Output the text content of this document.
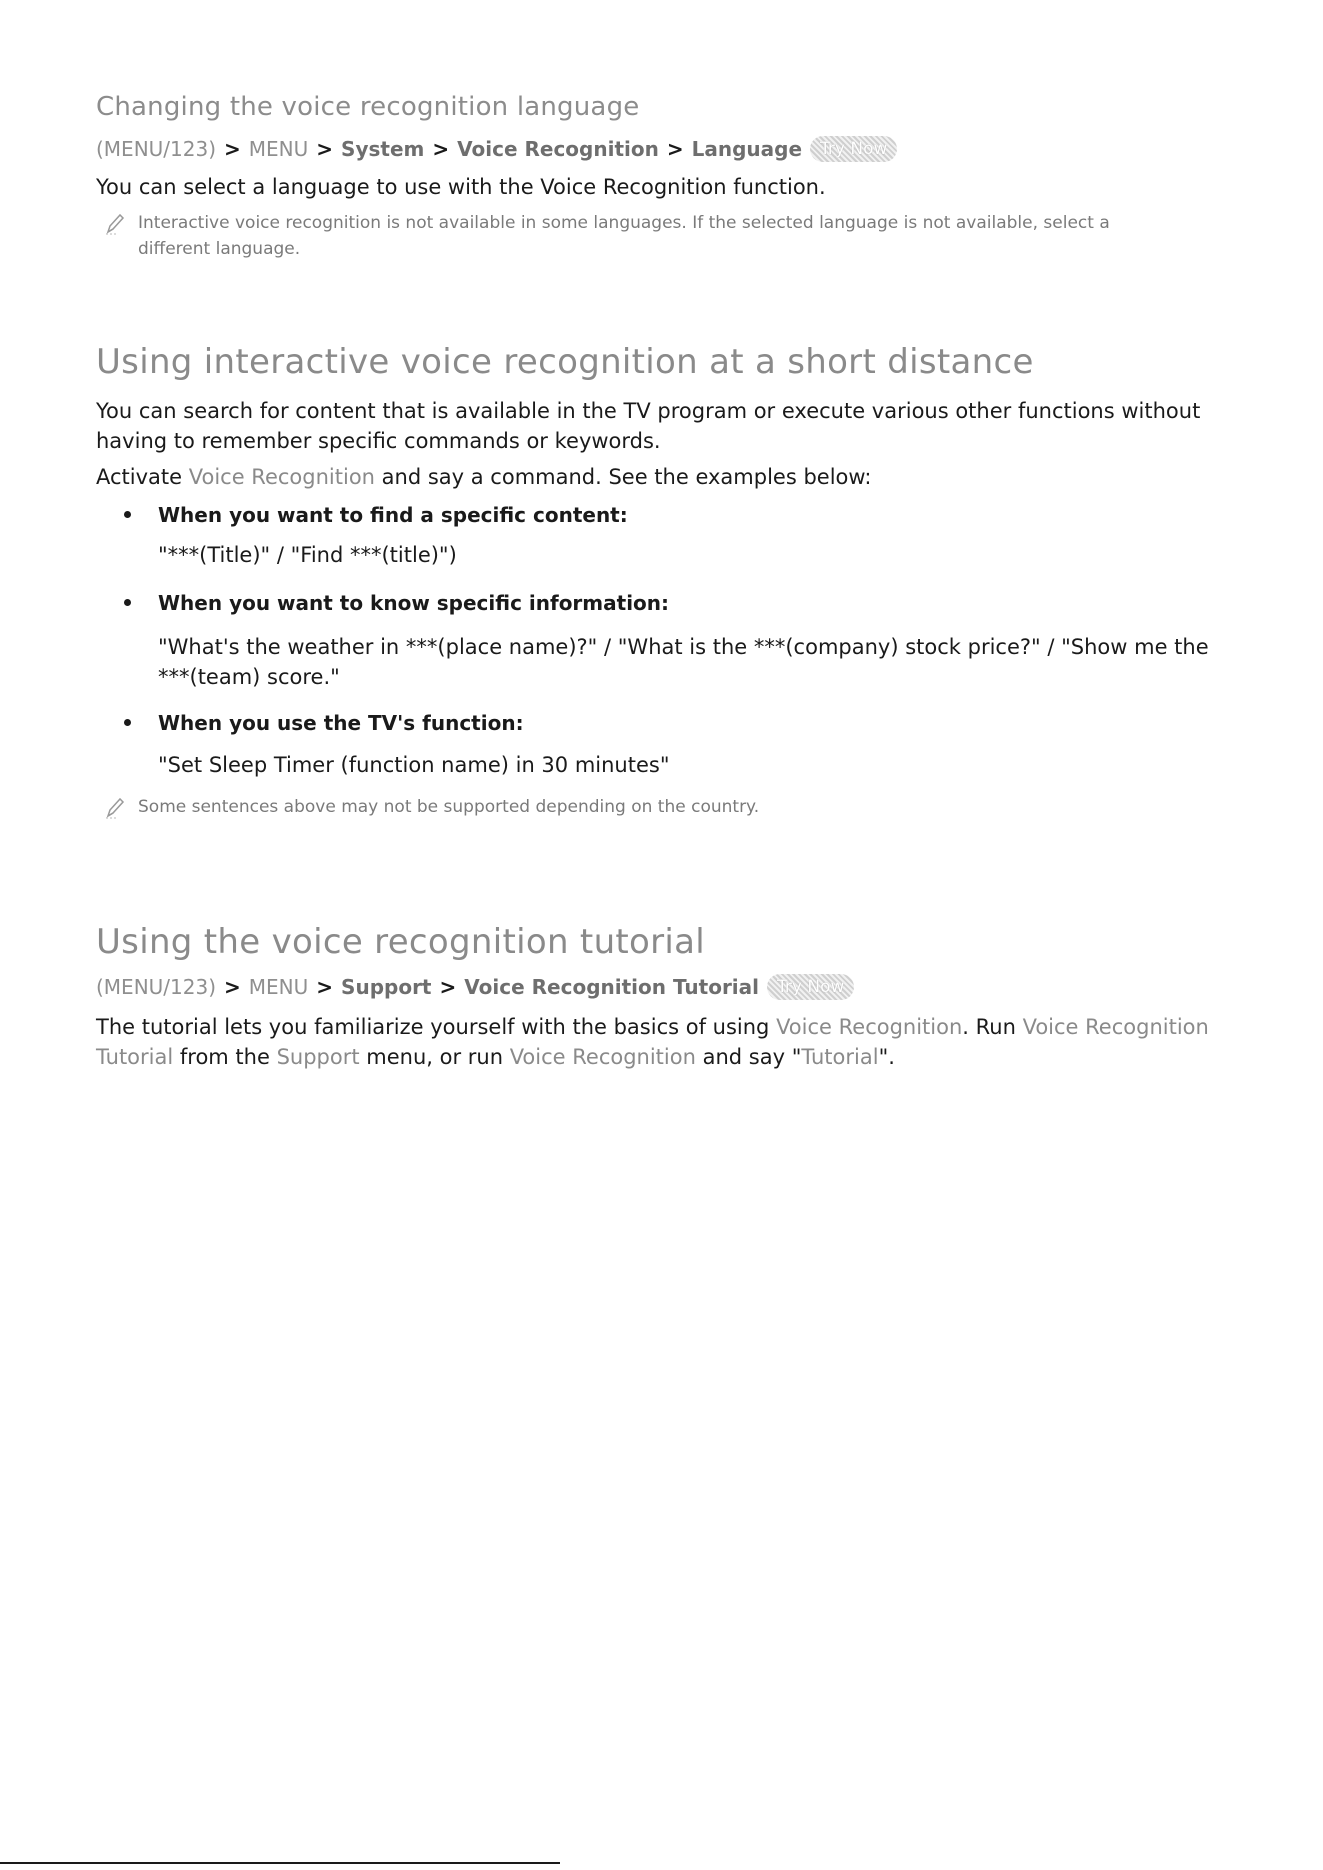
Changing the voice recognition language
(MENU/123) > MENU > System > Voice Recognition > Language	Try Now

You can select a language to use with the Voice Recognition function.

Interactive voice recognition is not available in some languages. If the selected language is not available, select a different language.
Using interactive voice recognition at a short distance

You can search for content that is available in the TV program or execute various other functions without having to remember specific commands or keywords.

Activate Voice Recognition and say a command. See the examples below:

When you want to find a specific content:

"***(Title)" / "Find ***(title)")

When you want to know specific information:

"What's the weather in ***(place name)?" / "What is the ***(company) stock price?" / "Show me the ***(team) score."

When you use the TV's function:

"Set Sleep Timer (function name) in 30 minutes"

Some sentences above may not be supported depending on the country.
Using the voice recognition tutorial
(MENU/123) > MENU > Support > Voice Recognition Tutorial	Try Now

The tutorial lets you familiarize yourself with the basics of using Voice Recognition. Run Voice Recognition Tutorial from the Support menu, or run Voice Recognition and say "Tutorial".
